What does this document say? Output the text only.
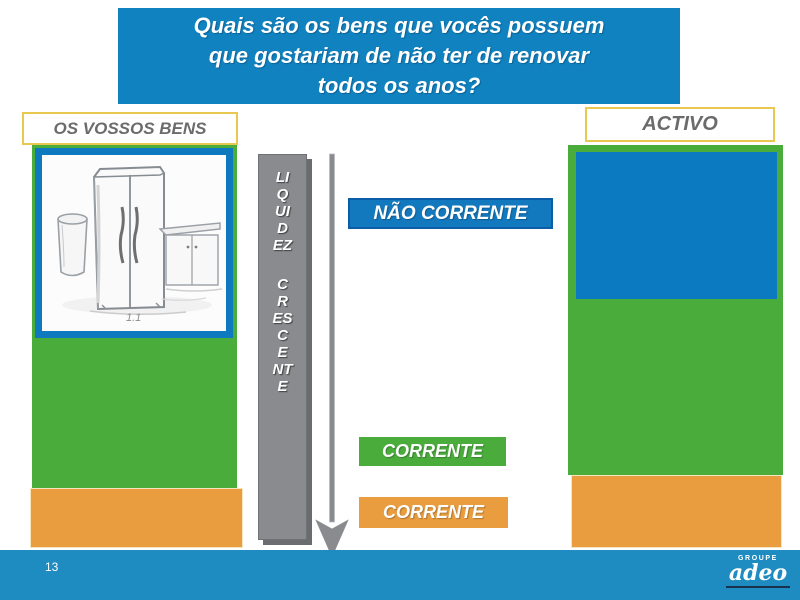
Quais são os bens que vocês possuem
que gostariam de não ter de renovar
todos os anos?
OS VOSSOS BENS	ACTIVO
1.1
LIQUIDEZ
CRESCENTE
NÃO CORRENTE
CORRENTE
CORRENTE
13
GROUPE
adeo
